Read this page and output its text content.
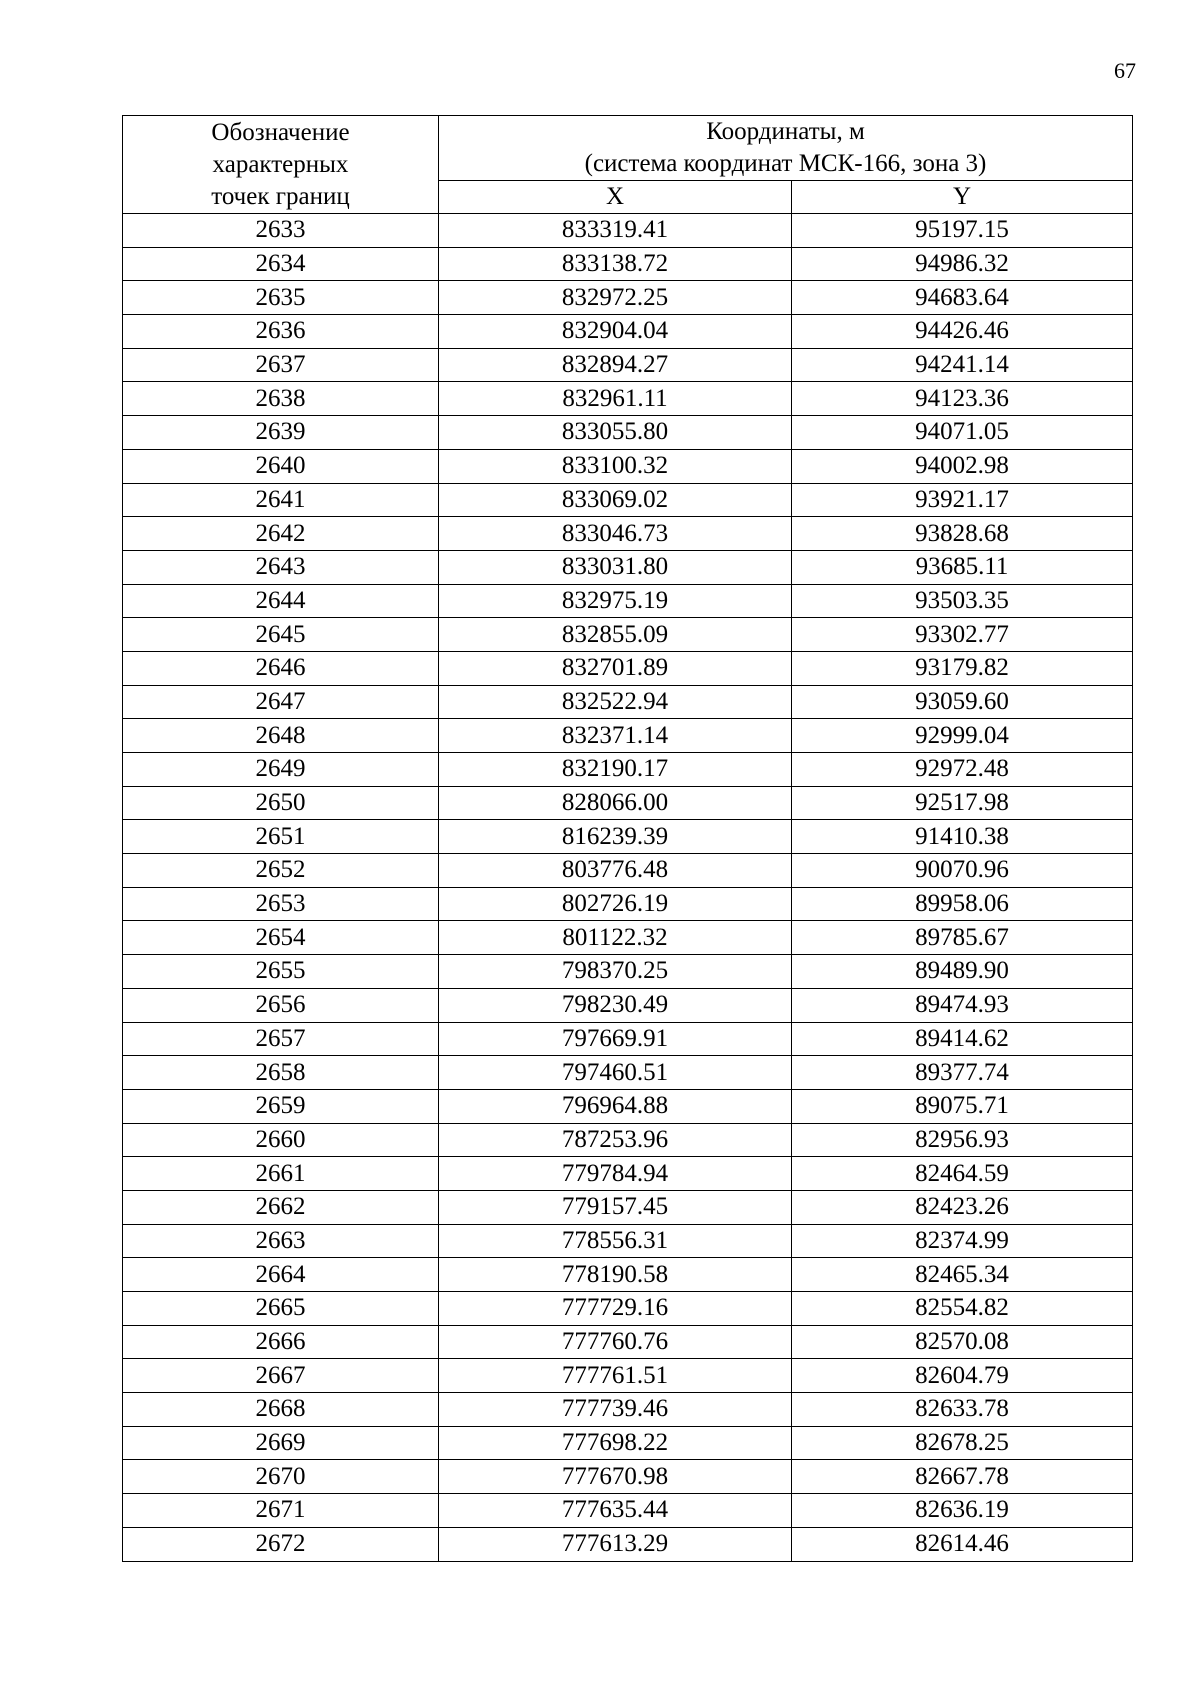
67
Обозначение
характерных
точек границ	Координаты, м
(система координат МСК-166, зона 3)	

	X	Y
2633	833319.41	95197.15
2634	833138.72	94986.32
2635	832972.25	94683.64
2636	832904.04	94426.46
2637	832894.27	94241.14
2638	832961.11	94123.36
2639	833055.80	94071.05
2640	833100.32	94002.98
2641	833069.02	93921.17
2642	833046.73	93828.68
2643	833031.80	93685.11
2644	832975.19	93503.35
2645	832855.09	93302.77
2646	832701.89	93179.82
2647	832522.94	93059.60
2648	832371.14	92999.04
2649	832190.17	92972.48
2650	828066.00	92517.98
2651	816239.39	91410.38
2652	803776.48	90070.96
2653	802726.19	89958.06
2654	801122.32	89785.67
2655	798370.25	89489.90
2656	798230.49	89474.93
2657	797669.91	89414.62
2658	797460.51	89377.74
2659	796964.88	89075.71
2660	787253.96	82956.93
2661	779784.94	82464.59
2662	779157.45	82423.26
2663	778556.31	82374.99
2664	778190.58	82465.34
2665	777729.16	82554.82
2666	777760.76	82570.08
2667	777761.51	82604.79
2668	777739.46	82633.78
2669	777698.22	82678.25
2670	777670.98	82667.78
2671	777635.44	82636.19
2672	777613.29	82614.46
